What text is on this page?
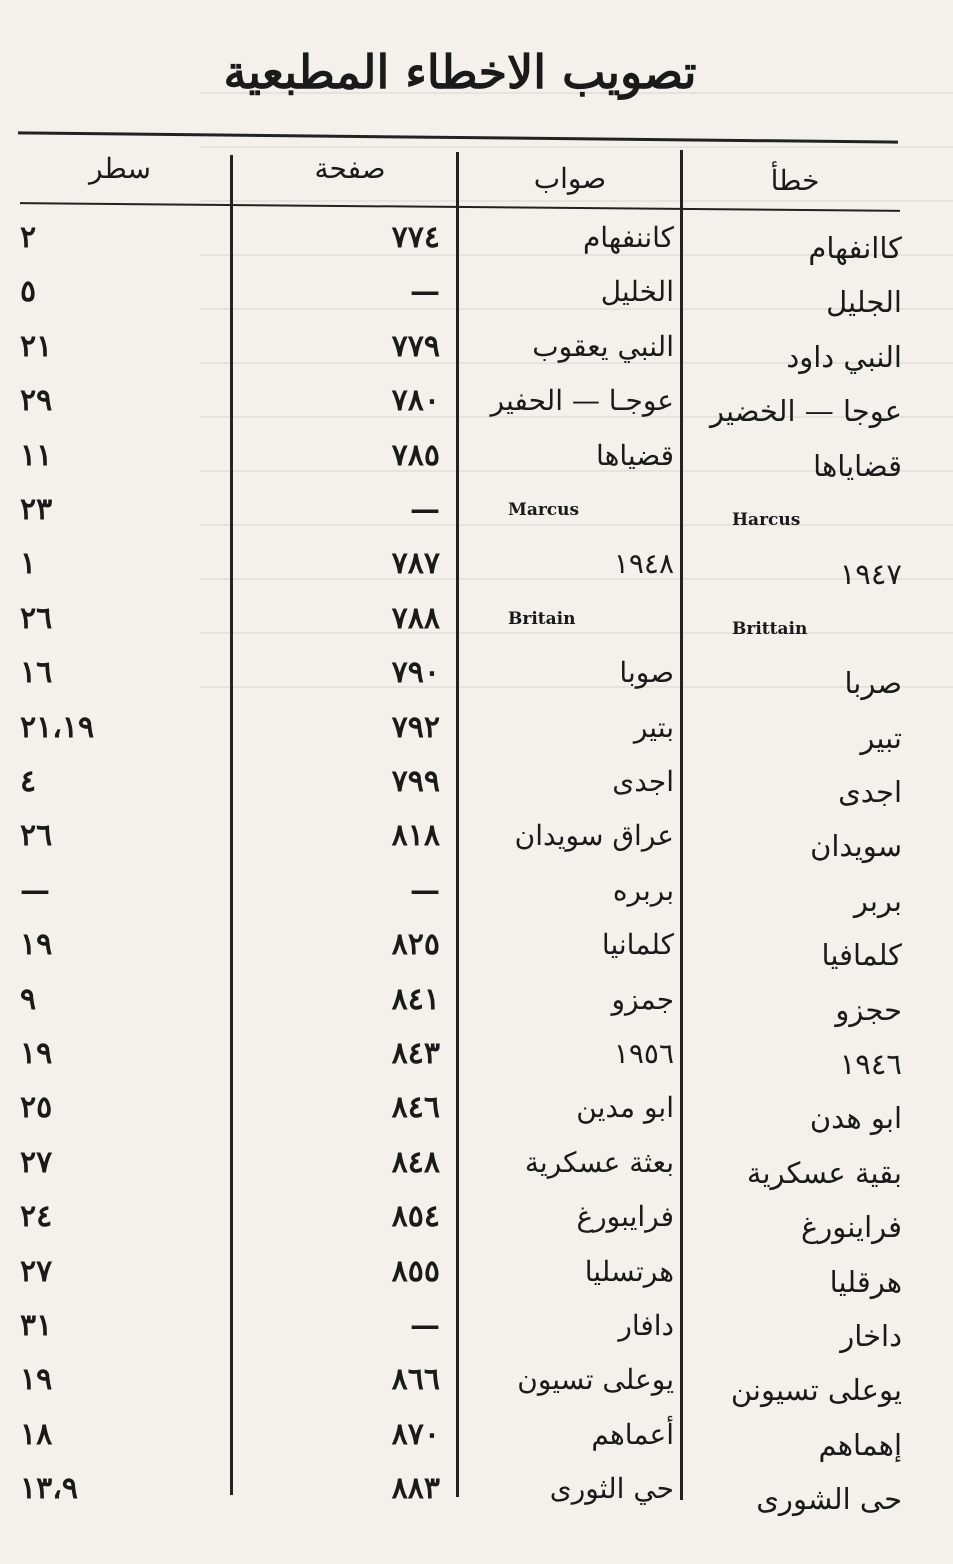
تصويب الاخطاء المطبعية
سطر	صفحة	صواب	خطأ
٢	٧٧٤	كاننفهام	كاانفهام
٥	—	الخليل	الجليل
٢١	٧٧٩	النبي يعقوب	النبي داود
٢٩	٧٨٠	عوجـا — الحفير	عوجا — الخضير
١١	٧٨٥	قضياها	قضاياها
٢٣	—	Marcus	Harcus
١	٧٨٧	١٩٤٨	١٩٤٧
٢٦	٧٨٨	Britain	Brittain
١٦	٧٩٠	صوبا	صربا
٢١،١٩	٧٩٢	بتير	تبير
٤	٧٩٩	اجدى	اجدى
٢٦	٨١٨	عراق سويدان	سويدان
—	—	بربره	بربر
١٩	٨٢٥	كلمانيا	كلمافيا
٩	٨٤١	جمزو	حجزو
١٩	٨٤٣	١٩٥٦	١٩٤٦
٢٥	٨٤٦	ابو مدين	ابو هدن
٢٧	٨٤٨	بعثة عسكرية	بقية عسكرية
٢٤	٨٥٤	فرايبورغ	فراينورغ
٢٧	٨٥٥	هرتسليا	هرقليا
٣١	—	دافار	داخار
١٩	٨٦٦	يوعلى تسيون	يوعلى تسيونن
١٨	٨٧٠	أعماهم	إهماهم
١٣،٩	٨٨٣	حي الثورى	حى الشورى
